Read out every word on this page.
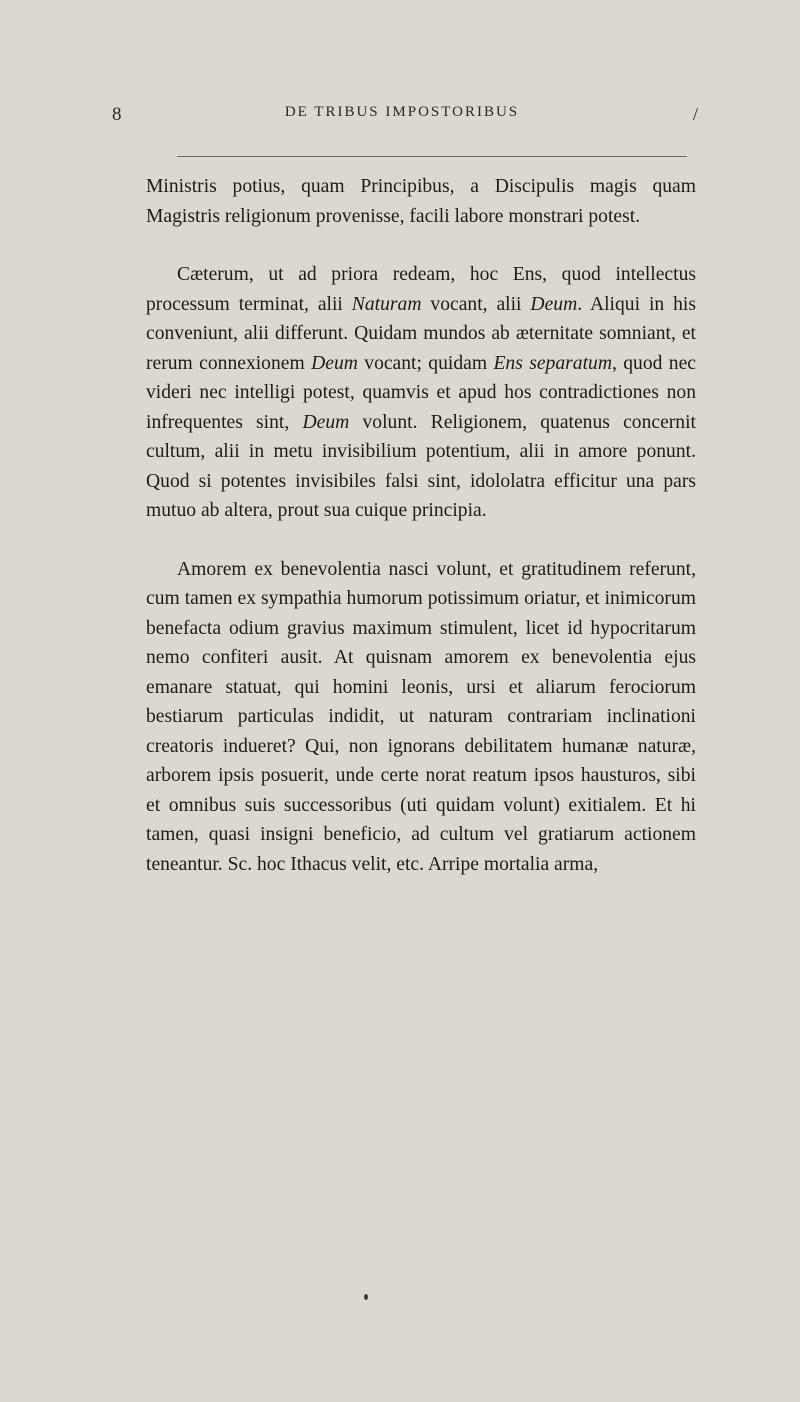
8	DE TRIBUS IMPOSTORIBUS	/

Ministris potius, quam Principibus, a Discipulis magis quam Magistris religionum provenisse, facili labore monstrari potest.

Cæterum, ut ad priora redeam, hoc Ens, quod intellectus processum terminat, alii Naturam vocant, alii Deum. Aliqui in his conveniunt, alii differunt. Quidam mundos ab æternitate somniant, et rerum connexionem Deum vocant; quidam Ens separatum, quod nec videri nec intelligi potest, quamvis et apud hos contradictiones non infrequentes sint, Deum volunt. Religionem, quatenus concernit cultum, alii in metu invisibilium potentium, alii in amore ponunt. Quod si potentes invisibiles falsi sint, idololatra efficitur una pars mutuo ab altera, prout sua cuique principia.

Amorem ex benevolentia nasci volunt, et gratitudinem referunt, cum tamen ex sympathia humorum potissimum oriatur, et inimicorum benefacta odium gravius maximum stimulent, licet id hypocritarum nemo confiteri ausit. At quisnam amorem ex benevolentia ejus emanare statuat, qui homini leonis, ursi et aliarum ferociorum bestiarum particulas indidit, ut naturam contrariam inclinationi creatoris indueret? Qui, non ignorans debilitatem humanæ naturæ, arborem ipsis posuerit, unde certe norat reatum ipsos hausturos, sibi et omnibus suis successoribus (uti quidam volunt) exitialem. Et hi tamen, quasi insigni beneficio, ad cultum vel gratiarum actionem teneantur. Sc. hoc Ithacus velit, etc. Arripe mortalia arma,
